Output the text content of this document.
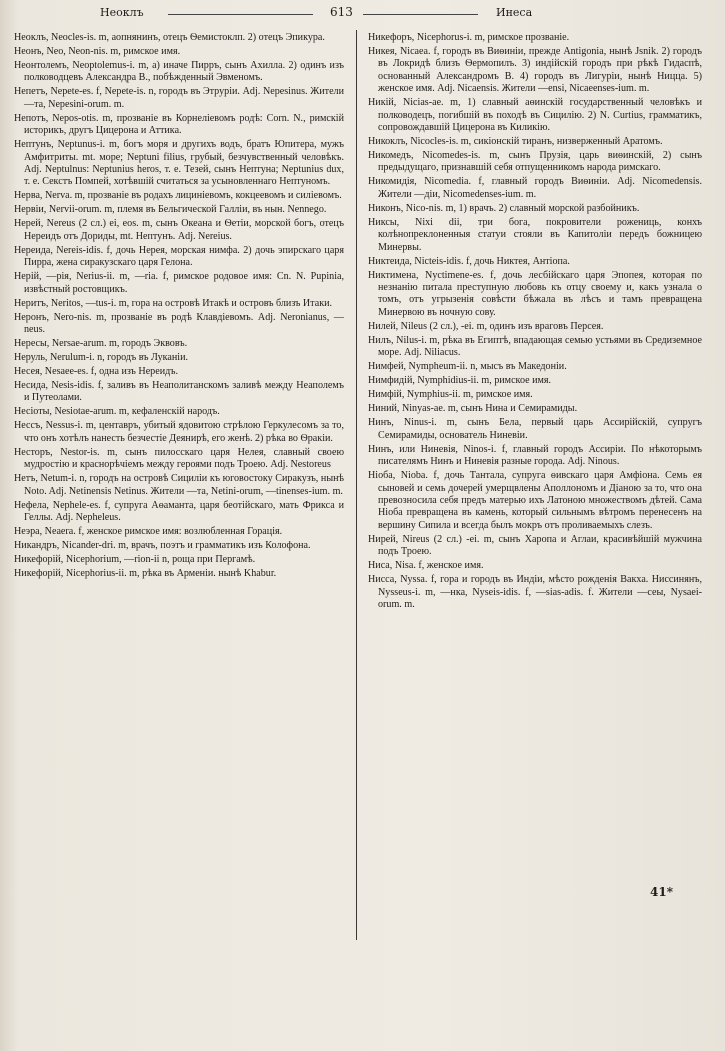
Неоклъ	613	Инеса

Неоклъ, Neocles-is. m, аопнянинъ, отецъ Ѳемистоклп. 2) отецъ Эпикура.

Неонъ, Neo, Neon-nis. m, римское имя.

Неонтолемъ, Neoptolemus-i. m, a) иначе Пирръ, сынъ Ахилла. 2) одинъ изъ полководцевъ Александра В., побѣжденный Эвменомъ.

Непетъ, Nepete-es. f, Nepete-is. n, городъ въ Этрурiи. Adj. Nepesinus. Жители —та, Nepesini-orum. m.

Непотъ, Nepos-otis. m, прозванiе въ Корнелiевомъ родѣ: Corn. N., римскiй историкъ, другъ Цицерона и Аттика.

Нептунъ, Neptunus-i. m, богъ моря и другихъ водъ, братъ Юпитера, мужъ Амфитриты. mt. море; Neptuni filius, грубый, безчувственный человѣкъ. Adj. Neptulnus: Neptunius heros, т. е. Тезей, сынъ Нептуна; Neptunius dux, т. е. Секстъ Помпей, хотѣвшiй считаться за усыновленнаго Нептуномъ.

Нерва, Nerva. m, прозванiе въ родахъ лицинiевомъ, кокцеевомъ и силiевомъ.

Нервiи, Nervii-orum. m, племя въ Бельгической Галлiи, въ нын. Nennego.

Нерей, Nereus (2 сл.) ei, eos. m, сынъ Океана и Ѳетiи, морской богъ, отецъ Нереидъ отъ Дориды, mt. Нептунъ. Adj. Nereius.

Нереида, Nereis-idis. f, дочь Нерея, морская нимфа. 2) дочь эпирскаго царя Пирра, жена сиракузскаго царя Гелона.

Нерiй, —рiя, Nerius-ii. m, —ria. f, римское родовое имя: Cn. N. Pupinia, извѣстный ростовщикъ.

Неритъ, Neritos, —tus-i. m, гора на островѣ Итакѣ и островъ близъ Итаки.

Неронъ, Nero-nis. m, прозванiе въ родѣ Клавдiевомъ. Adj. Neronianus, —neus.

Нересы, Nersae-arum. m, городъ Эквовъ.

Неруль, Nerulum-i. n, городъ въ Луканiи.

Несея, Nesaee-es. f, одна изъ Нереидъ.

Несида, Nesis-idis. f, заливъ въ Неаполитанскомъ заливѣ между Неаполемъ и Путеолами.

Несiоты, Nesiotae-arum. m, кефаленскiй народъ.

Нессъ, Nessus-i. m, центавръ, убитый ядовитою стрѣлою Геркулесомъ за то, что онъ хотѣлъ нанесть безчестiе Деянирѣ, его женѣ. 2) рѣка во Ѳракiи.

Несторъ, Nestor-is. m, сынъ пилосскаго царя Нелея, славный своею мудростiю и краснорѣчiемъ между героями подъ Троею. Adj. Nestoreus

Нетъ, Netum-i. n, городъ на островѣ Сицилiи къ юговостоку Сиракузъ, нынѣ Noto. Adj. Netinensis Netinus. Жители —та, Netini-orum, —tinenses-ium. m.

Нефела, Nephele-es. f, супруга Аѳаманта, царя беотiйскаго, мать Фрикса и Геллы. Adj. Nepheleus.

Неэра, Neaera. f, женское римское имя: возлюбленная Горацiя.

Никандръ, Nicander-dri. m, врачъ, поэтъ и грамматикъ изъ Колофона.

Никефорiй, Nicephorium, —rion-ii n, роща при Пергамѣ.

Никефорiй, Nicephorius-ii. m, рѣка въ Арменiи. нынѣ Khabur.

Никефоръ, Nicephorus-i. m, римское прозванiе.

Никея, Nicaea. f, городъ въ Виѳинiи, прежде Antigonia, нынѣ Jsnik. 2) городъ въ Локридѣ близъ Ѳермопилъ. 3) индiйскiй городъ при рѣкѣ Гидаспѣ, основанный Александромъ В. 4) городъ въ Лигурiи, нынѣ Ницца. 5) женское имя. Adj. Nicaensis. Жители —ensi, Nicaeenses-ium. m.

Никiй, Nicias-ae. m, 1) славный аѳинскiй государственный человѣкъ и полководецъ, погибшiй въ походѣ въ Сицилiю. 2) N. Curtius, грамматикъ, сопровождавшiй Цицерона въ Киликiю.

Никоклъ, Nicocles-is. m, сикiонскiй тиранъ, низверженный Аратомъ.

Никомедъ, Nicomedes-is. m, сынъ Прузiя, царь виѳинскiй, 2) сынъ предыдущаго, признавшiй себя отпущенникомъ народа римскаго.

Никомидiя, Nicomedia. f, главный городъ Виѳинiи. Adj. Nicomedensis. Жители —дiи, Nicomedenses-ium. m.

Никонъ, Nico-nis. m, 1) врачъ. 2) славный морской разбойникъ.

Никсы, Nixi dii, три бога, покровители рожениць, конхъ колѣнопреклоненныя статуи стояли въ Капитолiи передъ божницею Минервы.

Никтеида, Nicteis-idis. f, дочь Никтея, Антiопа.

Никтимена, Nyctimene-es. f, дочь лесбiйскаго царя Эпопея, которая по незнанiю питала преступную любовь къ отцу своему и, какъ узнала о томъ, отъ угрызенiя совѣсти бѣжала въ лѣсъ и тамъ превращена Минервою въ ночную сову.

Нилей, Nileus (2 сл.), -ei. m, одинъ изъ враговъ Персея.

Нилъ, Nilus-i. m, рѣка въ Египтѣ, впадающая семью устьями въ Средиземное море. Adj. Niliacus.

Нимфей, Nympheum-ii. n, мысъ въ Македонiи.

Нимфидiй, Nymphidius-ii. m, римское имя.

Нимфiй, Nymphius-ii. m, римское имя.

Ниний, Ninyas-ae. m, сынъ Нина и Семирамиды.

Нинъ, Ninus-i. m, сынъ Бела, первый царь Ассирiйскiй, супругъ Семирамиды, основатель Ниневiи.

Нинъ, или Ниневiя, Ninos-i. f, главный городъ Ассирiи. По нѣкоторымъ писателямъ Нинъ и Ниневiя разные города. Adj. Ninous.

Нiоба, Nioba. f, дочь Тантала, супруга ѳивскаго царя Амфiона. Семь ея сыновей и семь дочерей умерщвлены Аполлономъ и Дiаною за то, что она превозносила себя предъ матерью ихъ Латоною множествомъ дѣтей. Сама Нiоба превращена въ камень, который сильнымъ вѣтромъ перенесенъ на вершину Сипила и всегда былъ мокръ отъ проливаемыхъ слезъ.

Нирей, Nireus (2 сл.) -ei. m, сынъ Харопа и Аглаи, красивѣйшiй мужчина подъ Троею.

Ниса, Nisa. f, женское имя.

Нисса, Nyssa. f, гора и городъ въ Индiи, мѣсто рожденiя Вакха. Ниссинянъ, Nysseus-i. m, —нка, Nyseis-idis. f, —sias-adis. f. Жители —сеы, Nysaei-orum. m.

41*
